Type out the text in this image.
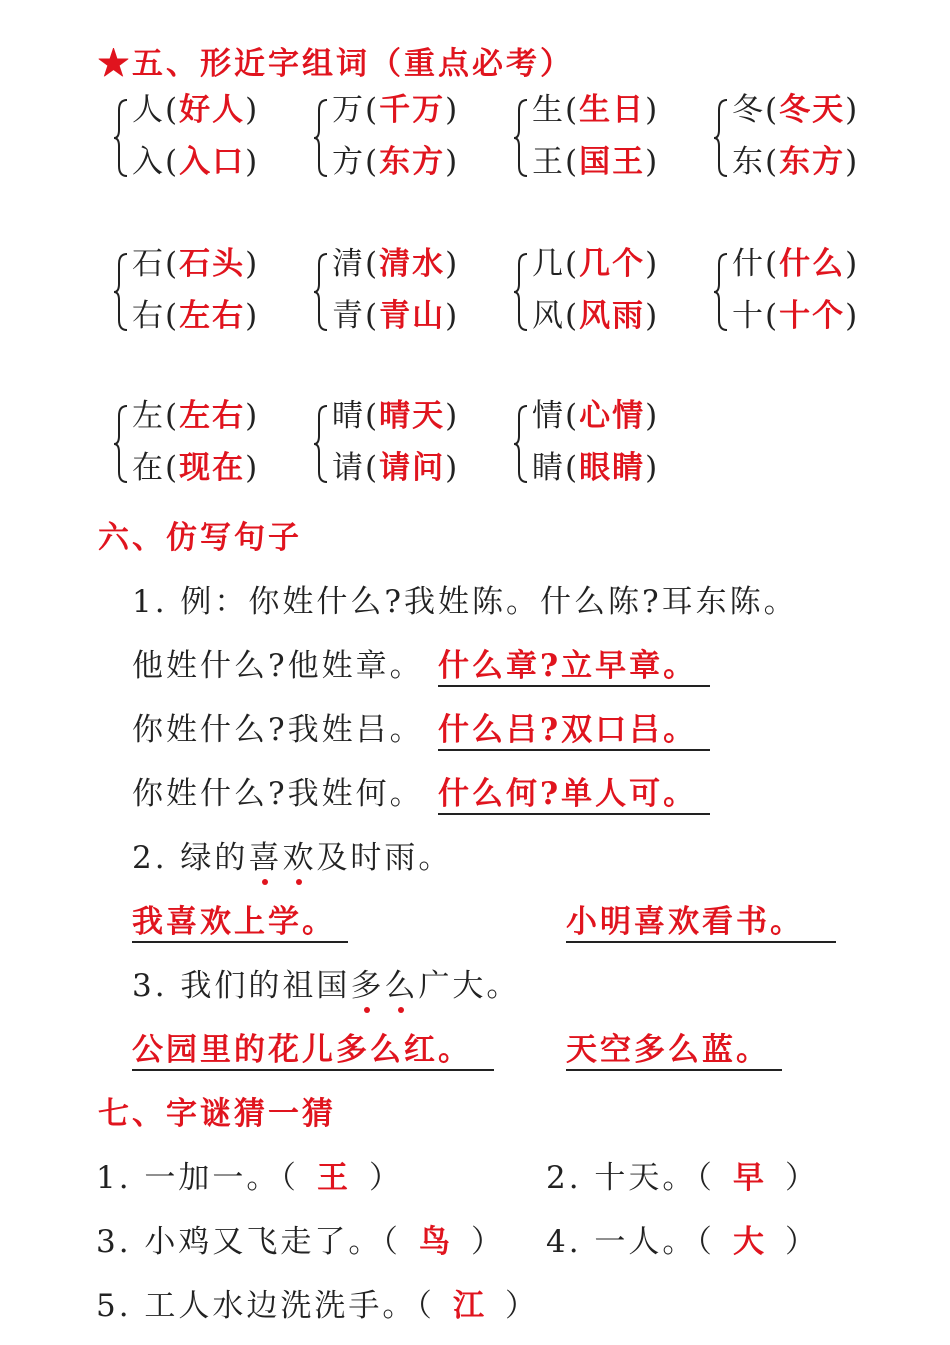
★五、形近字组词（重点必考）
人(好人)
入(入口)
万(千万)
方(东方)
生(生日)
王(国王)
冬(冬天)
东(东方)
石(石头)
右(左右)
清(清水)
青(青山)
几(几个)
风(风雨)
什(什么)
十(十个)
左(左右)
在(现在)
晴(晴天)
请(请问)
情(心情)
睛(眼睛)
六、仿写句子
1. 例：你姓什么?我姓陈。什么陈?耳东陈。
他姓什么?他姓章。 什么章?立早章。
你姓什么?我姓吕。 什么吕?双口吕。
你姓什么?我姓何。 什么何?单人可。
2. 绿的喜欢及时雨。
我喜欢上学。	小明喜欢看书。
3. 我们的祖国多么广大。
公园里的花儿多么红。	天空多么蓝。
七、字谜猜一猜
1. 一加一。（ 王 ）	2. 十天。（ 早 ）
3. 小鸡又飞走了。（ 鸟 ） 4. 一人。（ 大 ）
5. 工人水边洗洗手。（ 江 ）
